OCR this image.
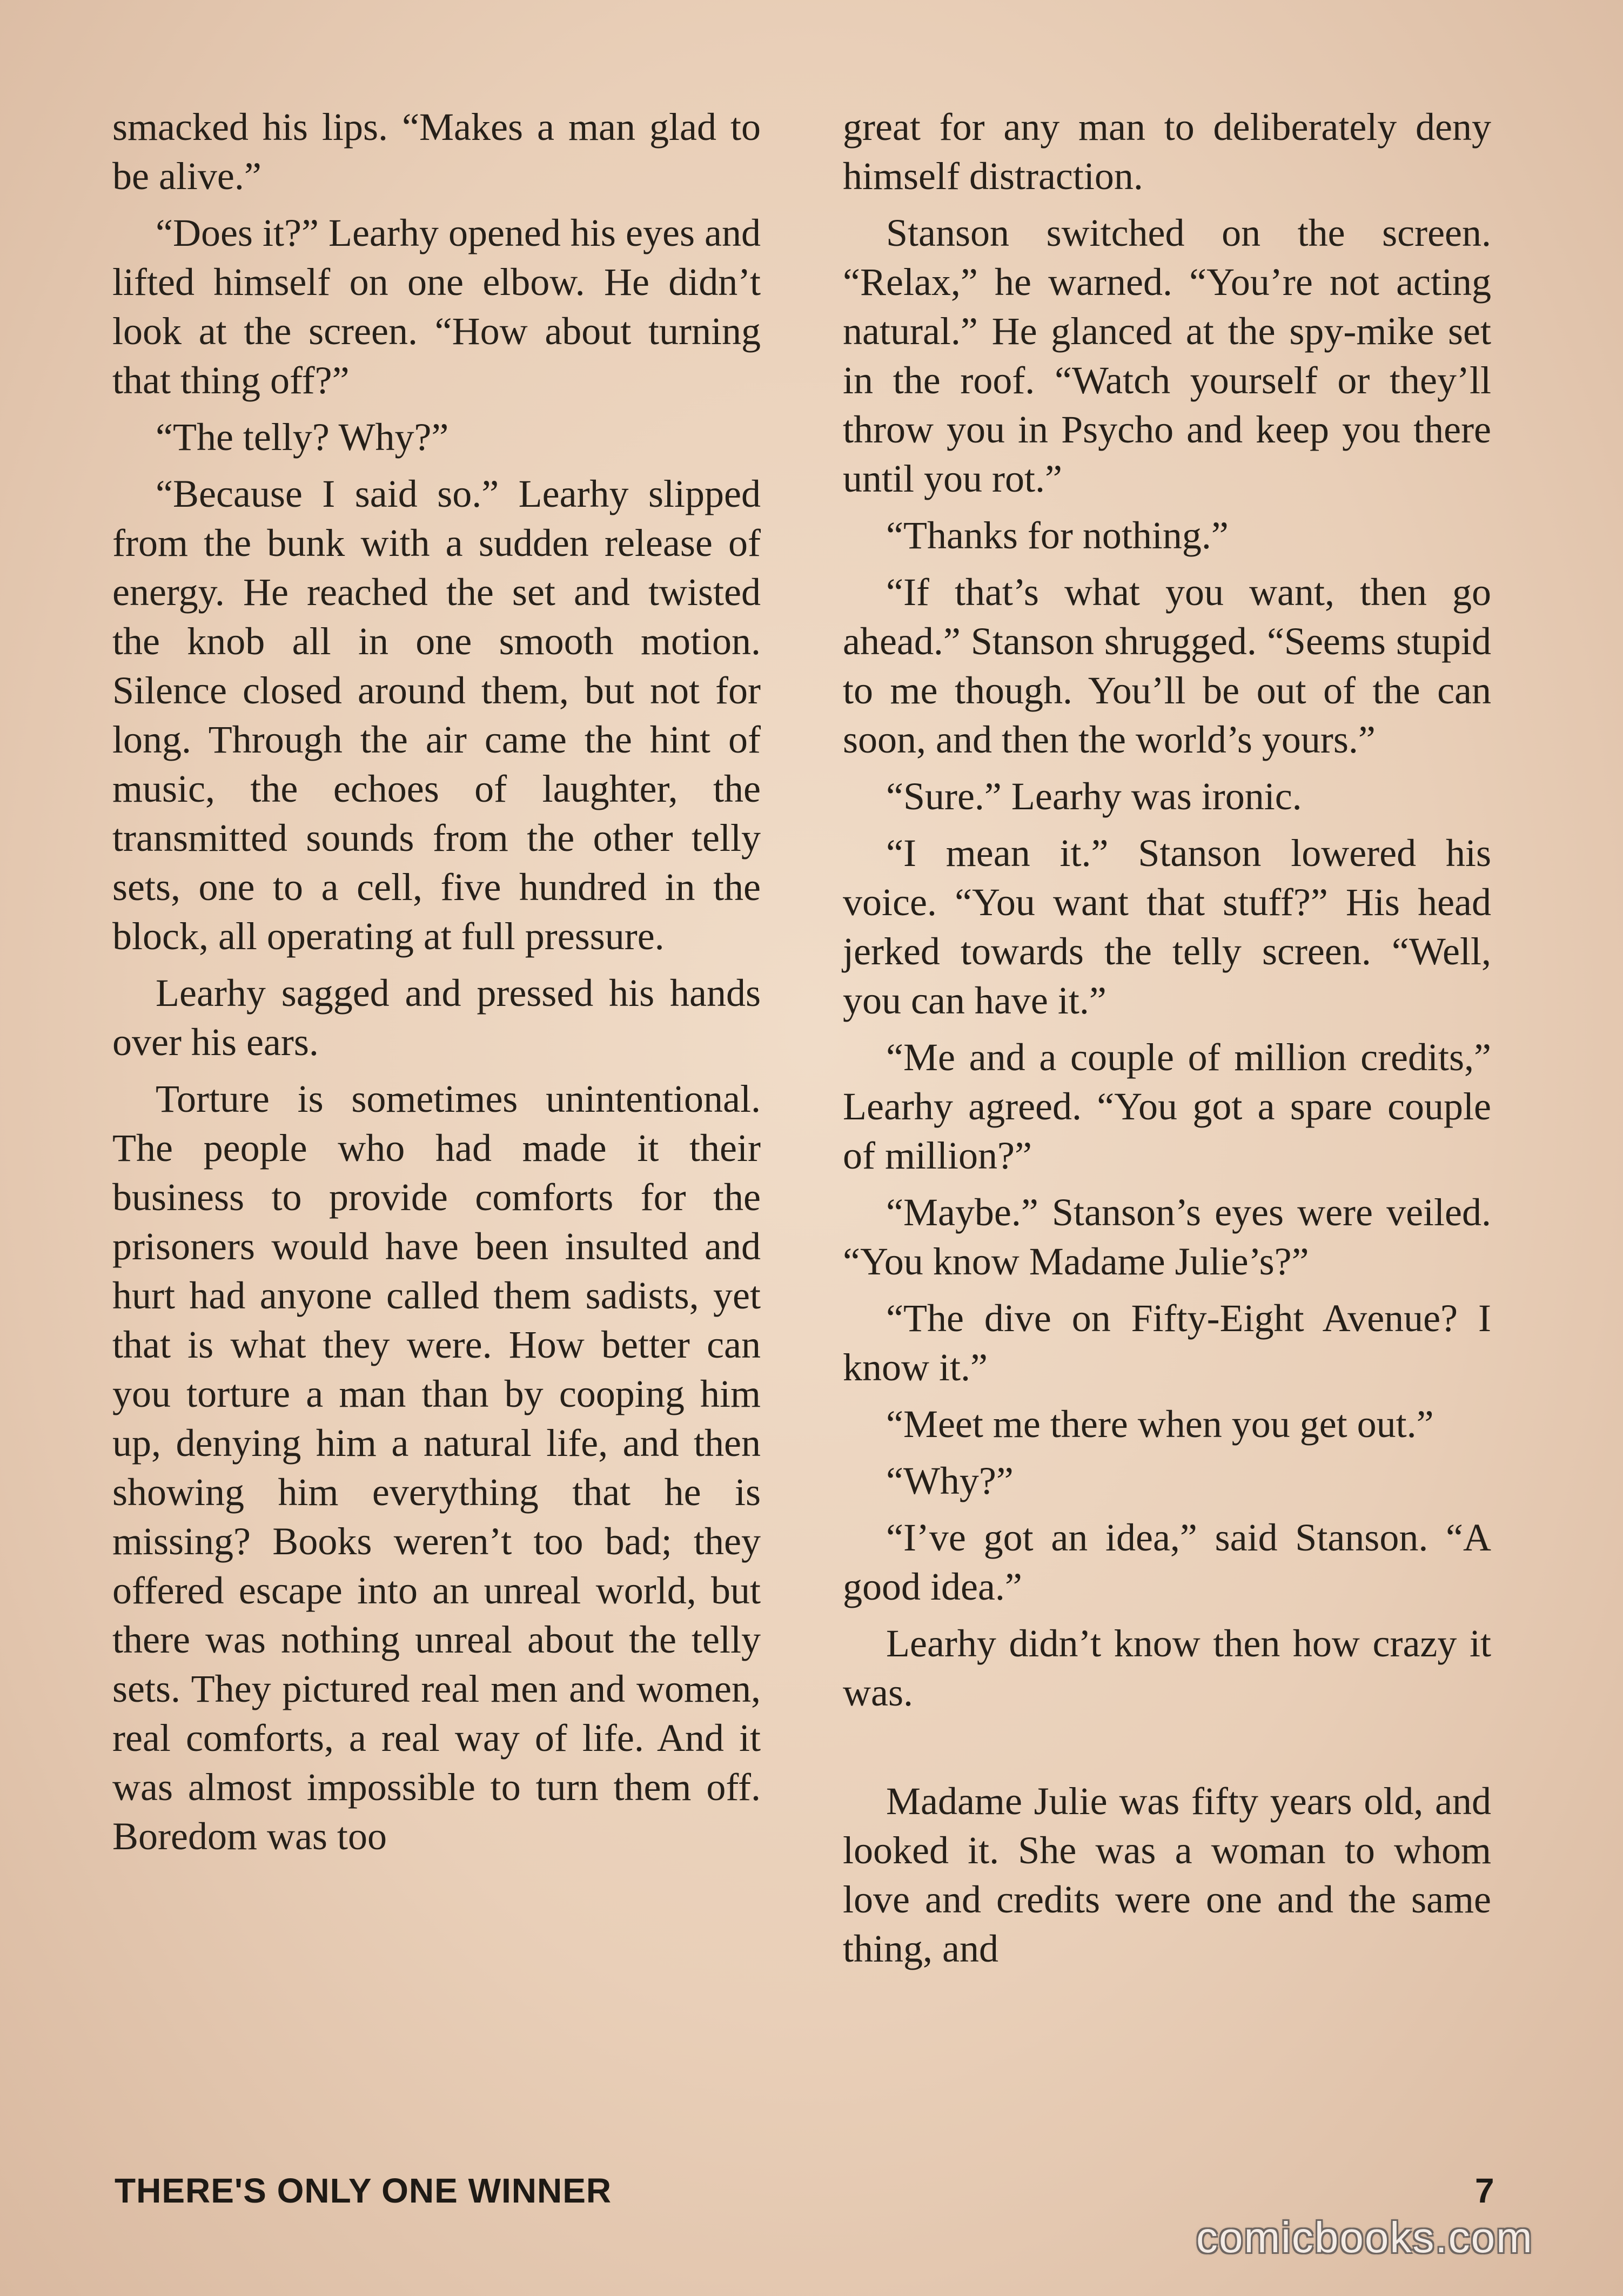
smacked his lips. “Makes a man glad to be alive.”

“Does it?” Learhy opened his eyes and lifted himself on one elbow. He didn’t look at the screen. “How about turning that thing off?”

“The telly? Why?”

“Because I said so.” Learhy slipped from the bunk with a sudden release of energy. He reached the set and twisted the knob all in one smooth motion. Silence closed around them, but not for long. Through the air came the hint of music, the echoes of laughter, the transmitted sounds from the other telly sets, one to a cell, five hundred in the block, all operating at full pressure.

Learhy sagged and pressed his hands over his ears.

Torture is sometimes unintentional. The people who had made it their business to provide comforts for the prisoners would have been insulted and hurt had anyone called them sadists, yet that is what they were. How better can you torture a man than by cooping him up, denying him a natural life, and then showing him everything that he is missing? Books weren’t too bad; they offered escape into an unreal world, but there was nothing unreal about the telly sets. They pictured real men and women, real comforts, a real way of life. And it was almost impossible to turn them off. Boredom was too

great for any man to deliberately deny himself distraction.

Stanson switched on the screen. “Relax,” he warned. “You’re not acting natural.” He glanced at the spy-mike set in the roof. “Watch yourself or they’ll throw you in Psycho and keep you there until you rot.”

“Thanks for nothing.”

“If that’s what you want, then go ahead.” Stanson shrugged. “Seems stupid to me though. You’ll be out of the can soon, and then the world’s yours.”

“Sure.” Learhy was ironic.

“I mean it.” Stanson lowered his voice. “You want that stuff?” His head jerked towards the telly screen. “Well, you can have it.”

“Me and a couple of million credits,” Learhy agreed. “You got a spare couple of million?”

“Maybe.” Stanson’s eyes were veiled. “You know Madame Julie’s?”

“The dive on Fifty-Eight Avenue? I know it.”

“Meet me there when you get out.”

“Why?”

“I’ve got an idea,” said Stanson. “A good idea.”

Learhy didn’t know then how crazy it was.

Madame Julie was fifty years old, and looked it. She was a woman to whom love and credits were one and the same thing, and

THERE'S ONLY ONE WINNER	7
comicbooks.com
